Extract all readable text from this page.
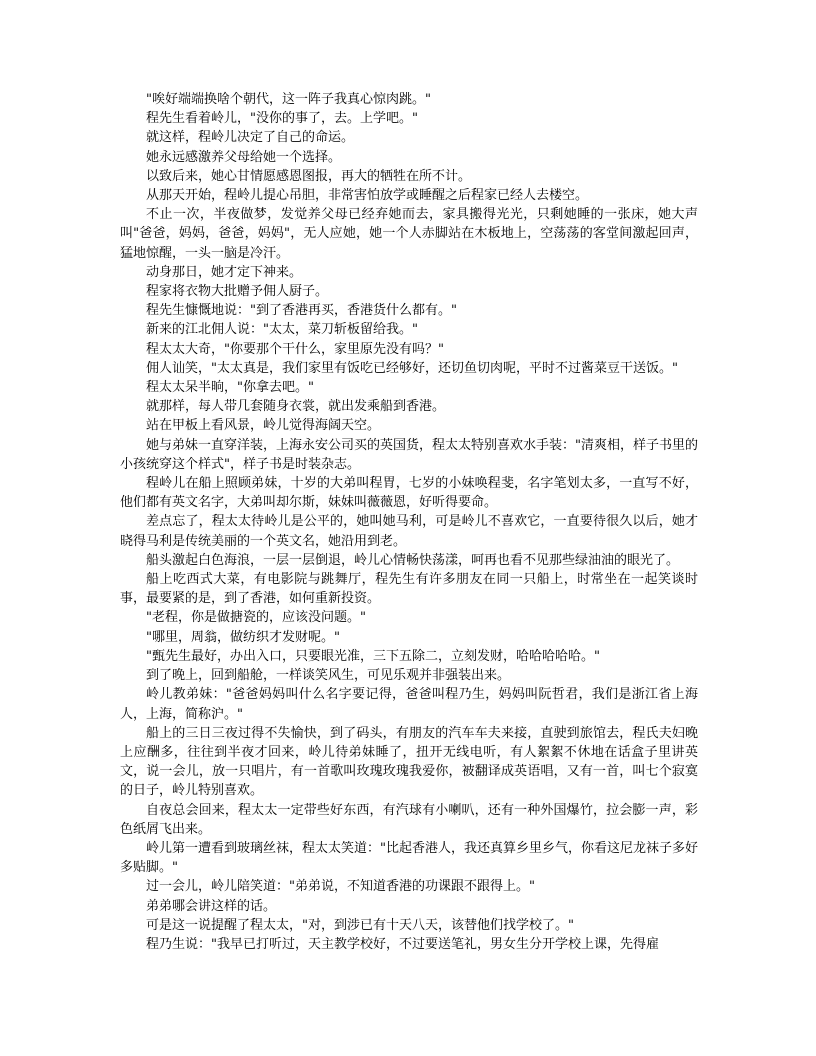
"唉好端端换啥个朝代，这一阵子我真心惊肉跳。"

程先生看着岭儿，"没你的事了，去。上学吧。"

就这样，程岭儿决定了自己的命运。

她永远感激养父母给她一个选择。

以致后来，她心甘情愿感恩图报，再大的牺牲在所不计。

从那天开始，程岭儿提心吊胆，非常害怕放学或睡醒之后程家已经人去楼空。

不止一次，半夜做梦，发觉养父母已经弃她而去，家具搬得光光，只剩她睡的一张床，她大声叫"爸爸，妈妈，爸爸，妈妈"，无人应她，她一个人赤脚站在木板地上，空荡荡的客堂间激起回声，猛地惊醒，一头一脑是冷汗。

动身那日，她才定下神来。

程家将衣物大批赠予佣人厨子。

程先生慷慨地说："到了香港再买，香港货什么都有。"

新来的江北佣人说："太太，菜刀斩板留给我。"

程太太大奇，"你要那个干什么，家里原先没有吗？"

佣人讪笑，"太太真是，我们家里有饭吃已经够好，还切鱼切肉呢，平时不过酱菜豆干送饭。"

程太太呆半晌，"你拿去吧。"

就那样，每人带几套随身衣裳，就出发乘船到香港。

站在甲板上看风景，岭儿觉得海阔天空。

她与弟妹一直穿洋装，上海永安公司买的英国货，程太太特别喜欢水手装："清爽相，样子书里的小孩统穿这个样式"，样子书是时装杂志。

程岭儿在船上照顾弟妹，十岁的大弟叫程胃，七岁的小妹唤程斐，名字笔划太多，一直写不好，他们都有英文名字，大弟叫却尔斯，妹妹叫薇薇恩，好听得要命。

差点忘了，程太太待岭儿是公平的，她叫她马利，可是岭儿不喜欢它，一直要待很久以后，她才晓得马利是传统美丽的一个英文名，她沿用到老。

船头激起白色海浪，一层一层倒退，岭儿心情畅快荡漾，呵再也看不见那些绿油油的眼光了。

船上吃西式大菜，有电影院与跳舞厅，程先生有许多朋友在同一只船上，时常坐在一起笑谈时事，最要紧的是，到了香港，如何重新投资。

"老程，你是做搪瓷的，应该没问题。"

"哪里，周翁，做纺织才发财呢。"

"甄先生最好，办出入口，只要眼光准，三下五除二，立刻发财，哈哈哈哈哈。"

到了晚上，回到船舱，一样谈笑风生，可见乐观并非强装出来。

岭儿教弟妹："爸爸妈妈叫什么名字要记得，爸爸叫程乃生，妈妈叫阮哲君，我们是浙江省上海人，上海，简称沪。"

船上的三日三夜过得不失愉快，到了码头，有朋友的汽车车夫来接，直驶到旅馆去，程氏夫妇晚上应酬多，往往到半夜才回来，岭儿待弟妹睡了，扭开无线电听，有人絮絮不休地在话盒子里讲英文，说一会儿，放一只唱片，有一首歌叫玫瑰玫瑰我爱你，被翻译成英语唱，又有一首，叫七个寂寞的日子，岭儿特别喜欢。

自夜总会回来，程太太一定带些好东西，有汽球有小喇叭，还有一种外国爆竹，拉会膨一声，彩色纸屑飞出来。

岭儿第一遭看到玻璃丝袜，程太太笑道："比起香港人，我还真算乡里乡气，你看这尼龙袜子多好多贴脚。"

过一会儿，岭儿陪笑道："弟弟说，不知道香港的功课跟不跟得上。"

弟弟哪会讲这样的话。

可是这一说提醒了程太太，"对，到涉已有十天八天，该替他们找学校了。"

程乃生说："我早已打听过，天主教学校好，不过要送笔礼，男女生分开学校上课，先得雇
